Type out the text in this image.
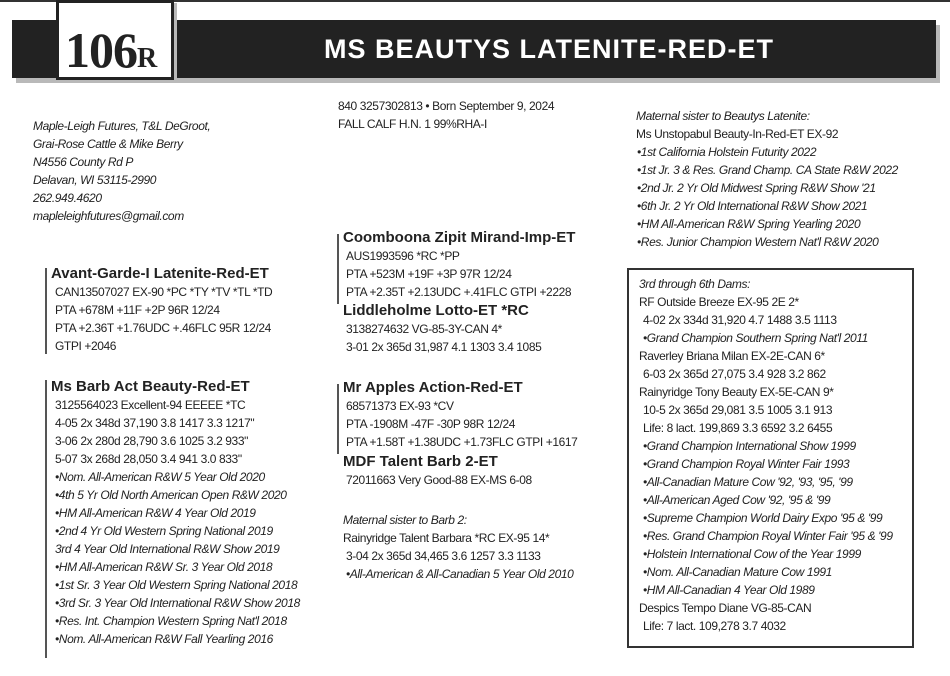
MS BEAUTYS LATENITE-RED-ET
106R
Maple-Leigh Futures, T&L DeGroot,
Grai-Rose Cattle & Mike Berry
N4556 County Rd P
Delavan, WI 53115-2990
262.949.4620
mapleleighfutures@gmail.com
840 3257302813 • Born September 9, 2024
FALL CALF H.N. 1 99%RHA-I
Avant-Garde-I Latenite-Red-ET
CAN13507027 EX-90 *PC *TY *TV *TL *TD
PTA +678M +11F +2P 96R 12/24
PTA +2.36T +1.76UDC +.46FLC 95R 12/24
GTPI +2046
Ms Barb Act Beauty-Red-ET
3125564023 Excellent-94 EEEEE *TC
4-05 2x 348d 37,190 3.8 1417 3.3 1217"
3-06 2x 280d 28,790 3.6 1025 3.2 933"
5-07 3x 268d 28,050 3.4 941 3.0 833"
•Nom. All-American R&W 5 Year Old 2020
•4th 5 Yr Old North American Open R&W 2020
•HM All-American R&W 4 Year Old 2019
•2nd 4 Yr Old Western Spring National 2019
3rd 4 Year Old International R&W Show 2019
•HM All-American R&W Sr. 3 Year Old 2018
•1st Sr. 3 Year Old Western Spring National 2018
•3rd Sr. 3 Year Old International R&W Show 2018
•Res. Int. Champion Western Spring Nat'l 2018
•Nom. All-American R&W Fall Yearling 2016
Coomboona Zipit Mirand-Imp-ET
AUS1993596 *RC *PP
PTA +523M +19F +3P 97R 12/24
PTA +2.35T +2.13UDC +.41FLC GTPI +2228
Liddleholme Lotto-ET *RC
3138274632 VG-85-3Y-CAN 4*
3-01 2x 365d 31,987 4.1 1303 3.4 1085
Mr Apples Action-Red-ET
68571373 EX-93 *CV
PTA -1908M -47F -30P 98R 12/24
PTA +1.58T +1.38UDC +1.73FLC GTPI +1617
MDF Talent Barb 2-ET
72011663 Very Good-88 EX-MS 6-08
Maternal sister to Barb 2:
Rainyridge Talent Barbara *RC EX-95 14*
3-04 2x 365d 34,465 3.6 1257 3.3 1133
•All-American & All-Canadian 5 Year Old 2010
Maternal sister to Beautys Latenite:
Ms Unstopabul Beauty-In-Red-ET EX-92
•1st California Holstein Futurity 2022
•1st Jr. 3 & Res. Grand Champ. CA State R&W 2022
•2nd Jr. 2 Yr Old Midwest Spring R&W Show '21
•6th Jr. 2 Yr Old International R&W Show 2021
•HM All-American R&W Spring Yearling 2020
•Res. Junior Champion Western Nat'l R&W 2020
3rd through 6th Dams:
RF Outside Breeze EX-95 2E 2*
4-02 2x 334d 31,920 4.7 1488 3.5 1113
•Grand Champion Southern Spring Nat'l 2011
Raverley Briana Milan EX-2E-CAN 6*
6-03 2x 365d 27,075 3.4 928 3.2 862
Rainyridge Tony Beauty EX-5E-CAN 9*
10-5 2x 365d 29,081 3.5 1005 3.1 913
Life: 8 lact. 199,869 3.3 6592 3.2 6455
•Grand Champion International Show 1999
•Grand Champion Royal Winter Fair 1993
•All-Canadian Mature Cow '92, '93, '95, '99
•All-American Aged Cow '92, '95 & '99
•Supreme Champion World Dairy Expo '95 & '99
•Res. Grand Champion Royal Winter Fair '95 & '99
•Holstein International Cow of the Year 1999
•Nom. All-Canadian Mature Cow 1991
•HM All-Canadian 4 Year Old 1989
Despics Tempo Diane VG-85-CAN
Life: 7 lact. 109,278 3.7 4032
